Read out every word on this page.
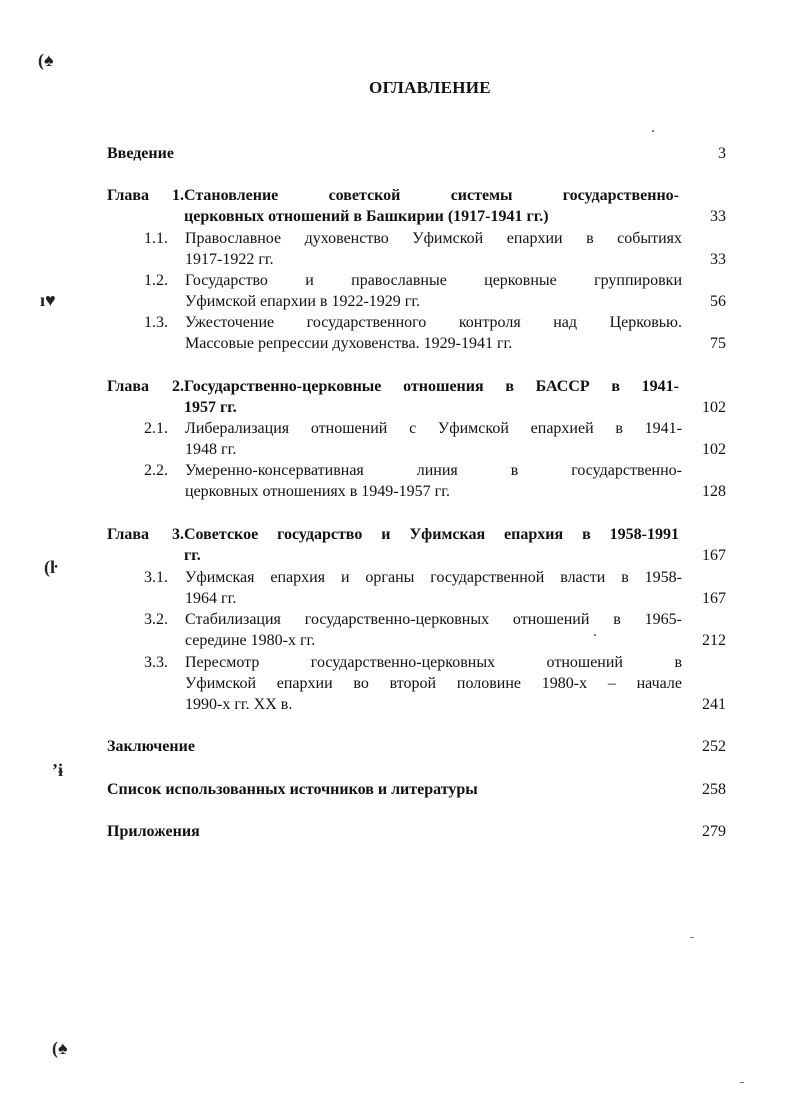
(♠
ı♥
(ŀ
ʼɨ
(♠
ОГЛАВЛЕНИЕ
Введение	3
Глава 1.Становление советской системы государственно-
церковных отношений в Башкирии (1917-1941 гг.)	33
1.1. Православное духовенство Уфимской епархии в событиях
1917-1922 гг.	33
1.2. Государство и православные церковные группировки
Уфимской епархии в 1922-1929 гг.	56
1.3. Ужесточение государственного контроля над Церковью.
Массовые репрессии духовенства. 1929-1941 гг.	75
Глава 2.Государственно-церковные отношения в БАССР в 1941-
1957 гг.	102
2.1. Либерализация отношений с Уфимской епархией в 1941-
1948 гг.	102
2.2. Умеренно-консервативная линия в государственно-
церковных отношениях в 1949-1957 гг.	128
Глава 3.Советское государство и Уфимская епархия в 1958-1991
гг.	167
3.1. Уфимская епархия и органы государственной власти в 1958-
1964 гг.	167
3.2. Стабилизация государственно-церковных отношений в 1965-
середине 1980-х гг.	212
3.3. Пересмотр государственно-церковных отношений в
Уфимской епархии во второй половине 1980-х – начале
1990-х гг. XX в.	241
Заключение	252
Список использованных источников и литературы	258
Приложения	279
